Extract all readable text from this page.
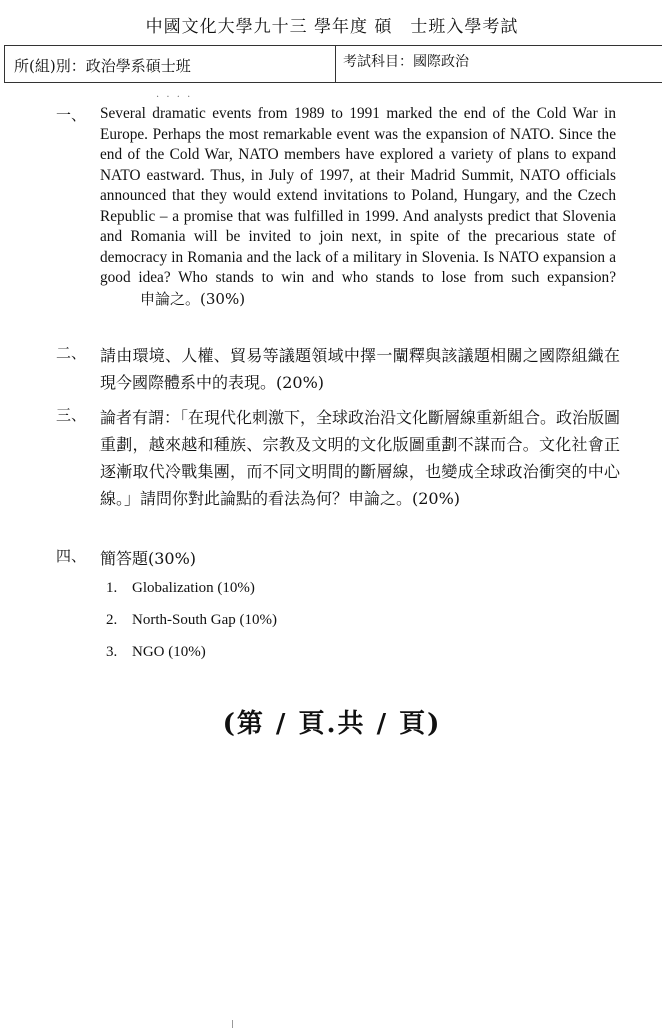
中國文化大學九十三 學年度 碩　士班入學考試
所(組)別：政治學系碩士班	考試科目：國際政治
· · · ·
一、 Several dramatic events from 1989 to 1991 marked the end of the Cold War in Europe. Perhaps the most remarkable event was the expansion of NATO. Since the end of the Cold War, NATO members have explored a variety of plans to expand NATO eastward. Thus, in July of 1997, at their Madrid Summit, NATO officials announced that they would extend invitations to Poland, Hungary, and the Czech Republic – a promise that was fulfilled in 1999. And analysts predict that Slovenia and Romania will be invited to join next, in spite of the precarious state of democracy in Romania and the lack of a military in Slovenia. Is NATO expansion a good idea? Who stands to win and who stands to lose from such expansion?申論之。(30%)
二、 請由環境、人權、貿易等議題領域中擇一闡釋與該議題相關之國際組織在現今國際體系中的表現。(20%)
三、 論者有謂：「在現代化刺激下，全球政治沿文化斷層線重新組合。政治版圖重劃，越來越和種族、宗教及文明的文化版圖重劃不謀而合。文化社會正逐漸取代冷戰集團，而不同文明間的斷層線，也變成全球政治衝突的中心線。」請問你對此論點的看法為何？申論之。(20%)
四、 簡答題(30%)
1. Globalization (10%)
2. North-South Gap (10%)
3. NGO (10%)
(第 / 頁.共 / 頁)
